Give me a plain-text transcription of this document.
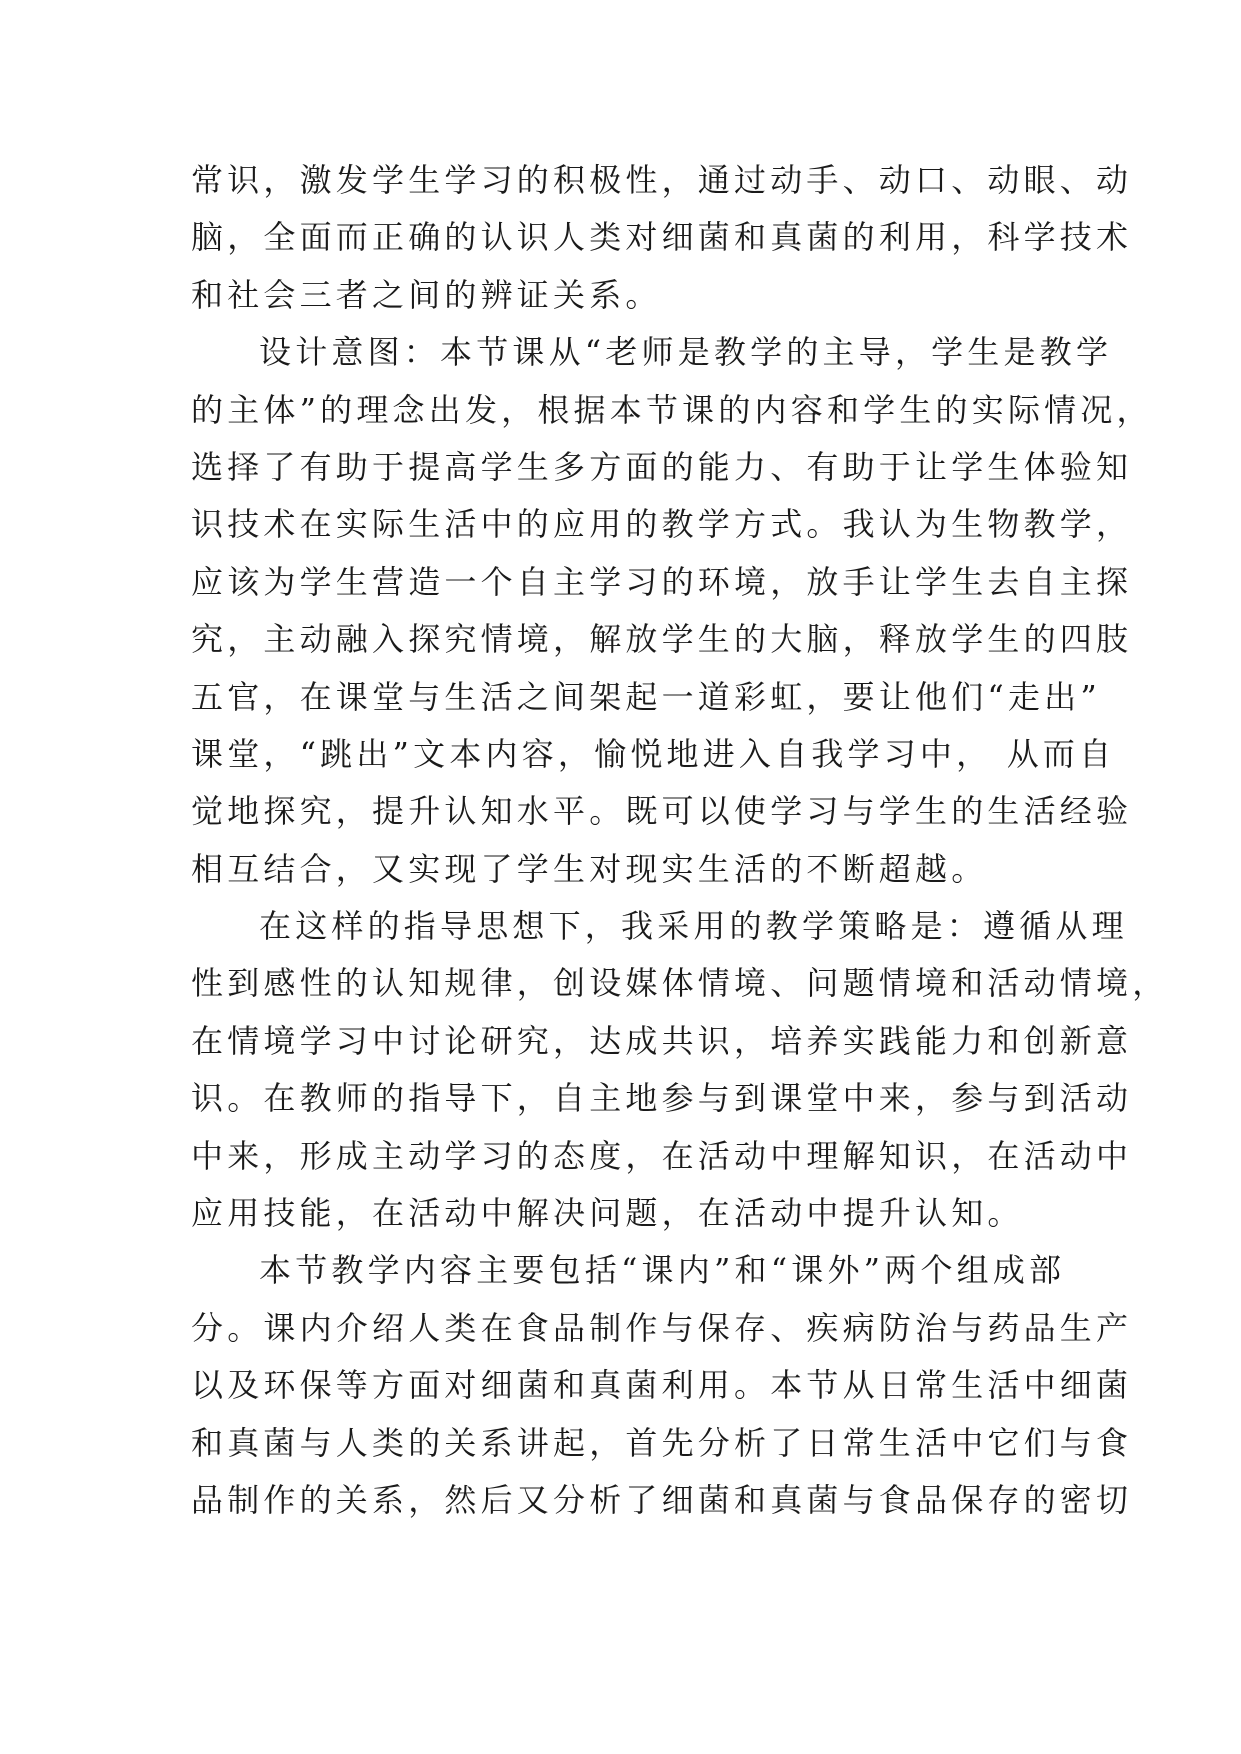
常识，激发学生学习的积极性，通过动手、动口、动眼、动
脑，全面而正确的认识人类对细菌和真菌的利用，科学技术
和社会三者之间的辨证关系。
设计意图：本节课从“老师是教学的主导，学生是教学
的主体”的理念出发，根据本节课的内容和学生的实际情况，
选择了有助于提高学生多方面的能力、有助于让学生体验知
识技术在实际生活中的应用的教学方式。我认为生物教学，
应该为学生营造一个自主学习的环境，放手让学生去自主探
究，主动融入探究情境，解放学生的大脑，释放学生的四肢
五官，在课堂与生活之间架起一道彩虹，要让他们“走出”
课堂，“跳出”文本内容，愉悦地进入自我学习中， 从而自
觉地探究，提升认知水平。既可以使学习与学生的生活经验
相互结合，又实现了学生对现实生活的不断超越。
在这样的指导思想下，我采用的教学策略是：遵循从理
性到感性的认知规律，创设媒体情境、问题情境和活动情境，
在情境学习中讨论研究，达成共识，培养实践能力和创新意
识。在教师的指导下，自主地参与到课堂中来，参与到活动
中来，形成主动学习的态度，在活动中理解知识，在活动中
应用技能，在活动中解决问题，在活动中提升认知。
本节教学内容主要包括“课内”和“课外”两个组成部
分。课内介绍人类在食品制作与保存、疾病防治与药品生产
以及环保等方面对细菌和真菌利用。本节从日常生活中细菌
和真菌与人类的关系讲起，首先分析了日常生活中它们与食
品制作的关系，然后又分析了细菌和真菌与食品保存的密切
